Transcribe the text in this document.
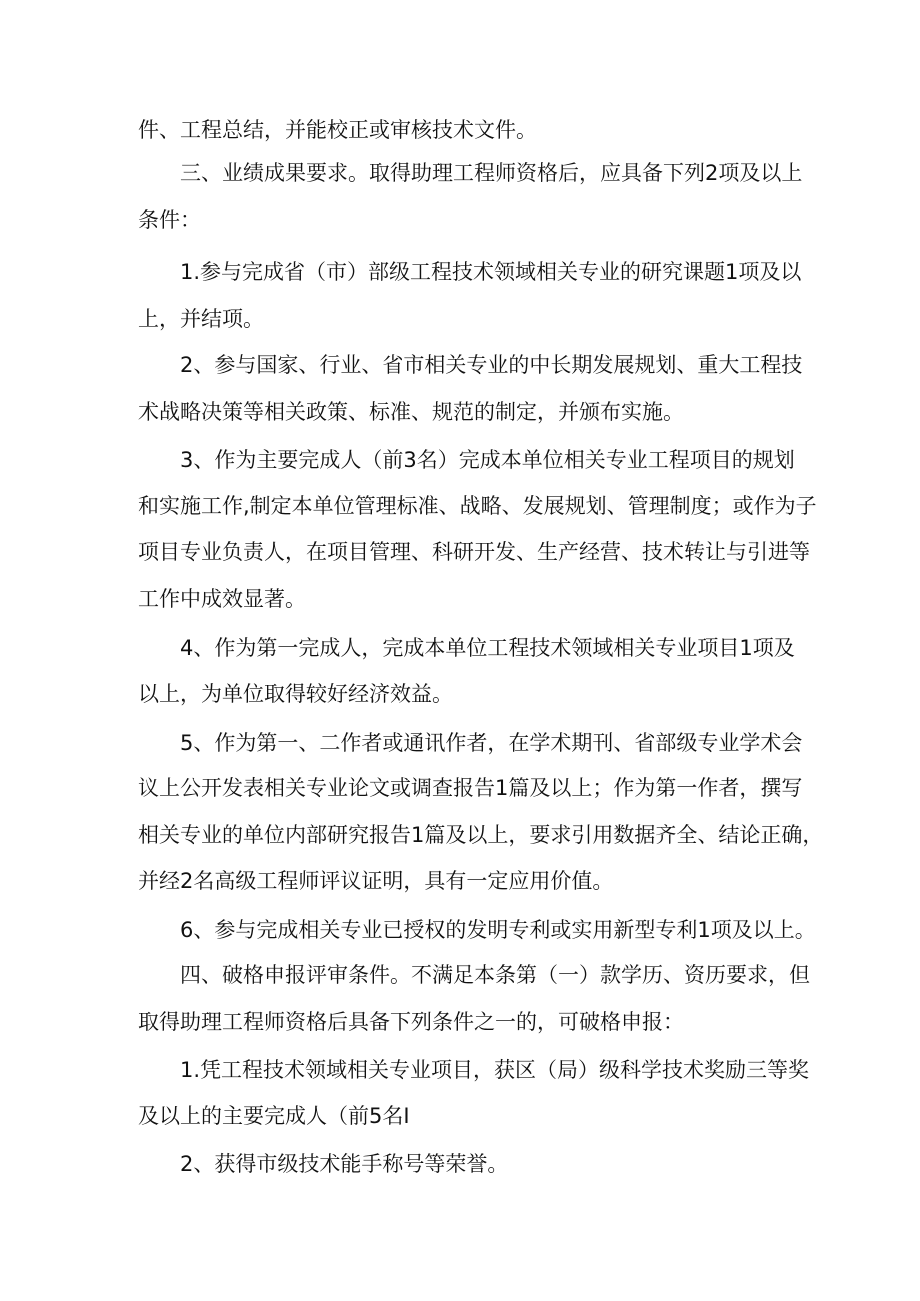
件、工程总结，并能校正或审核技术文件。
三、业绩成果要求。取得助理工程师资格后，应具备下列2项及以上
条件：
1.参与完成省（市）部级工程技术领域相关专业的研究课题1项及以
上，并结项。
2、参与国家、行业、省市相关专业的中长期发展规划、重大工程技
术战略决策等相关政策、标准、规范的制定，并颁布实施。
3、作为主要完成人（前3名）完成本单位相关专业工程项目的规划
和实施工作,制定本单位管理标准、战略、发展规划、管理制度；或作为子
项目专业负责人，在项目管理、科研开发、生产经营、技术转让与引进等
工作中成效显著。
4、作为第一完成人，完成本单位工程技术领域相关专业项目1项及
以上，为单位取得较好经济效益。
5、作为第一、二作者或通讯作者，在学术期刊、省部级专业学术会
议上公开发表相关专业论文或调查报告1篇及以上；作为第一作者，撰写
相关专业的单位内部研究报告1篇及以上，要求引用数据齐全、结论正确，
并经2名高级工程师评议证明，具有一定应用价值。
6、参与完成相关专业已授权的发明专利或实用新型专利1项及以上。
四、破格申报评审条件。不满足本条第（一）款学历、资历要求，但
取得助理工程师资格后具备下列条件之一的，可破格申报：
1.凭工程技术领域相关专业项目，获区（局）级科学技术奖励三等奖
及以上的主要完成人（前5名I
2、获得市级技术能手称号等荣誉。
